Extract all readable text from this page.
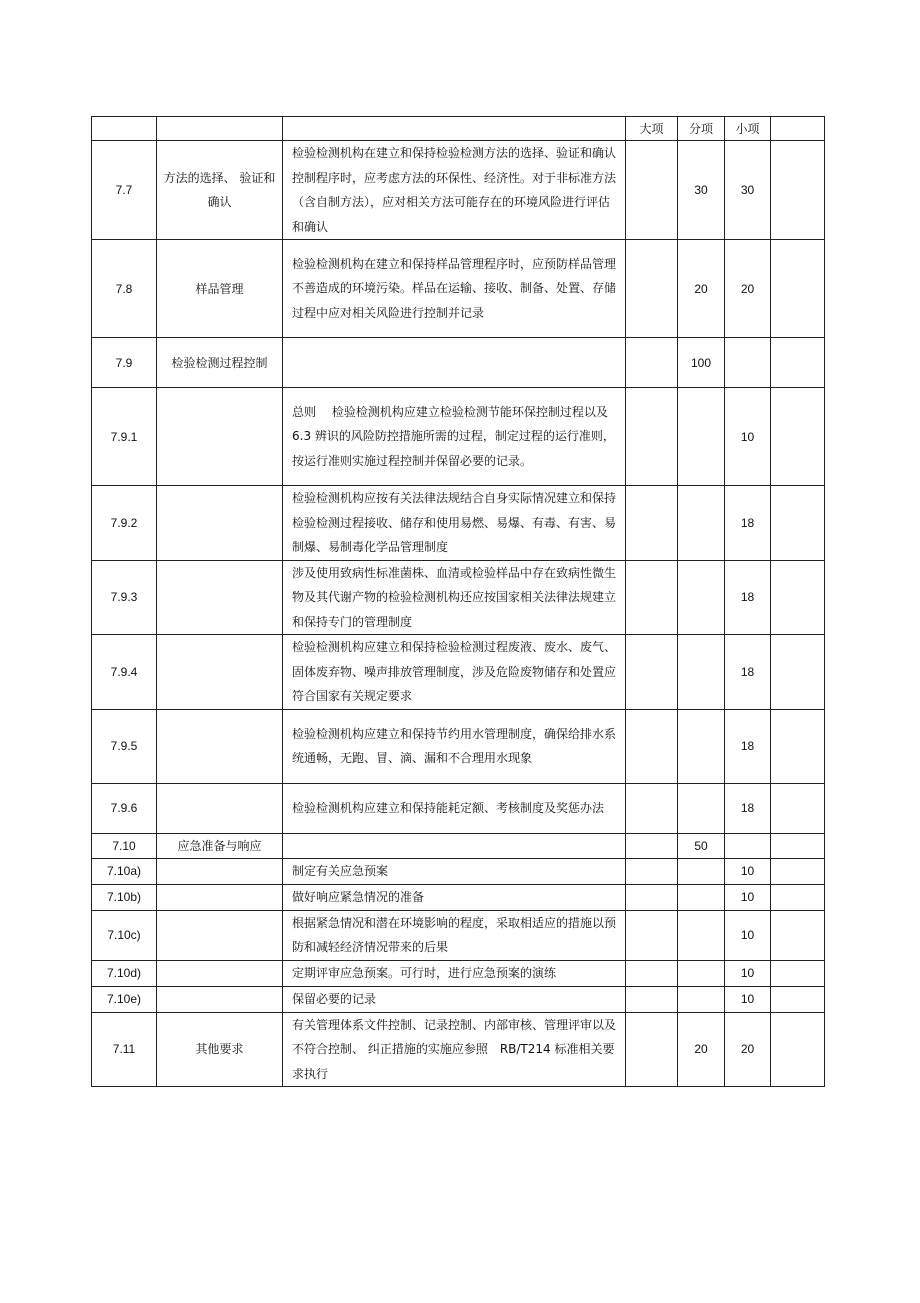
			大项	分项	小项	
7.7	方法的选择、 验证和确认	检验检测机构在建立和保持检验检测方法的选择、验证和确认控制程序时，应考虑方法的环保性、经济性。对于非标准方法（含自制方法），应对相关方法可能存在的环境风险进行评估和确认		30	30	
7.8	样品管理	检验检测机构在建立和保持样品管理程序时，应预防样品管理不善造成的环境污染。样品在运输、接收、制备、处置、存储过程中应对相关风险进行控制并记录		20	20	
7.9	检验检测过程控制			100		
7.9.1		总则　 检验检测机构应建立检验检测节能环保控制过程以及　6.3 辨识的风险防控措施所需的过程，制定过程的运行准则，按运行准则实施过程控制并保留必要的记录。			10	
7.9.2		检验检测机构应按有关法律法规结合自身实际情况建立和保持检验检测过程接收、储存和使用易燃、易爆、有毒、有害、易制爆、易制毒化学品管理制度			18	
7.9.3		涉及使用致病性标准菌株、血清或检验样品中存在致病性微生物及其代谢产物的检验检测机构还应按国家相关法律法规建立和保持专门的管理制度			18	
7.9.4		检验检测机构应建立和保持检验检测过程废液、废水、废气、固体废弃物、噪声排放管理制度，涉及危险废物储存和处置应符合国家有关规定要求			18	
7.9.5		检验检测机构应建立和保持节约用水管理制度，确保给排水系统通畅，无跑、冒、滴、漏和不合理用水现象			18	
7.9.6		检验检测机构应建立和保持能耗定额、考核制度及奖惩办法			18	
7.10	应急准备与响应			50		
7.10a)		制定有关应急预案			10	
7.10b)		做好响应紧急情况的准备			10	
7.10c)		根据紧急情况和潜在环境影响的程度，采取相适应的措施以预防和减轻经济情况带来的后果			10	
7.10d)		定期评审应急预案。可行时，进行应急预案的演练			10	
7.10e)		保留必要的记录			10	
7.11	其他要求	有关管理体系文件控制、记录控制、内部审核、管理评审以及不符合控制、 纠正措施的实施应参照　RB/T214 标准相关要求执行		20	20	
